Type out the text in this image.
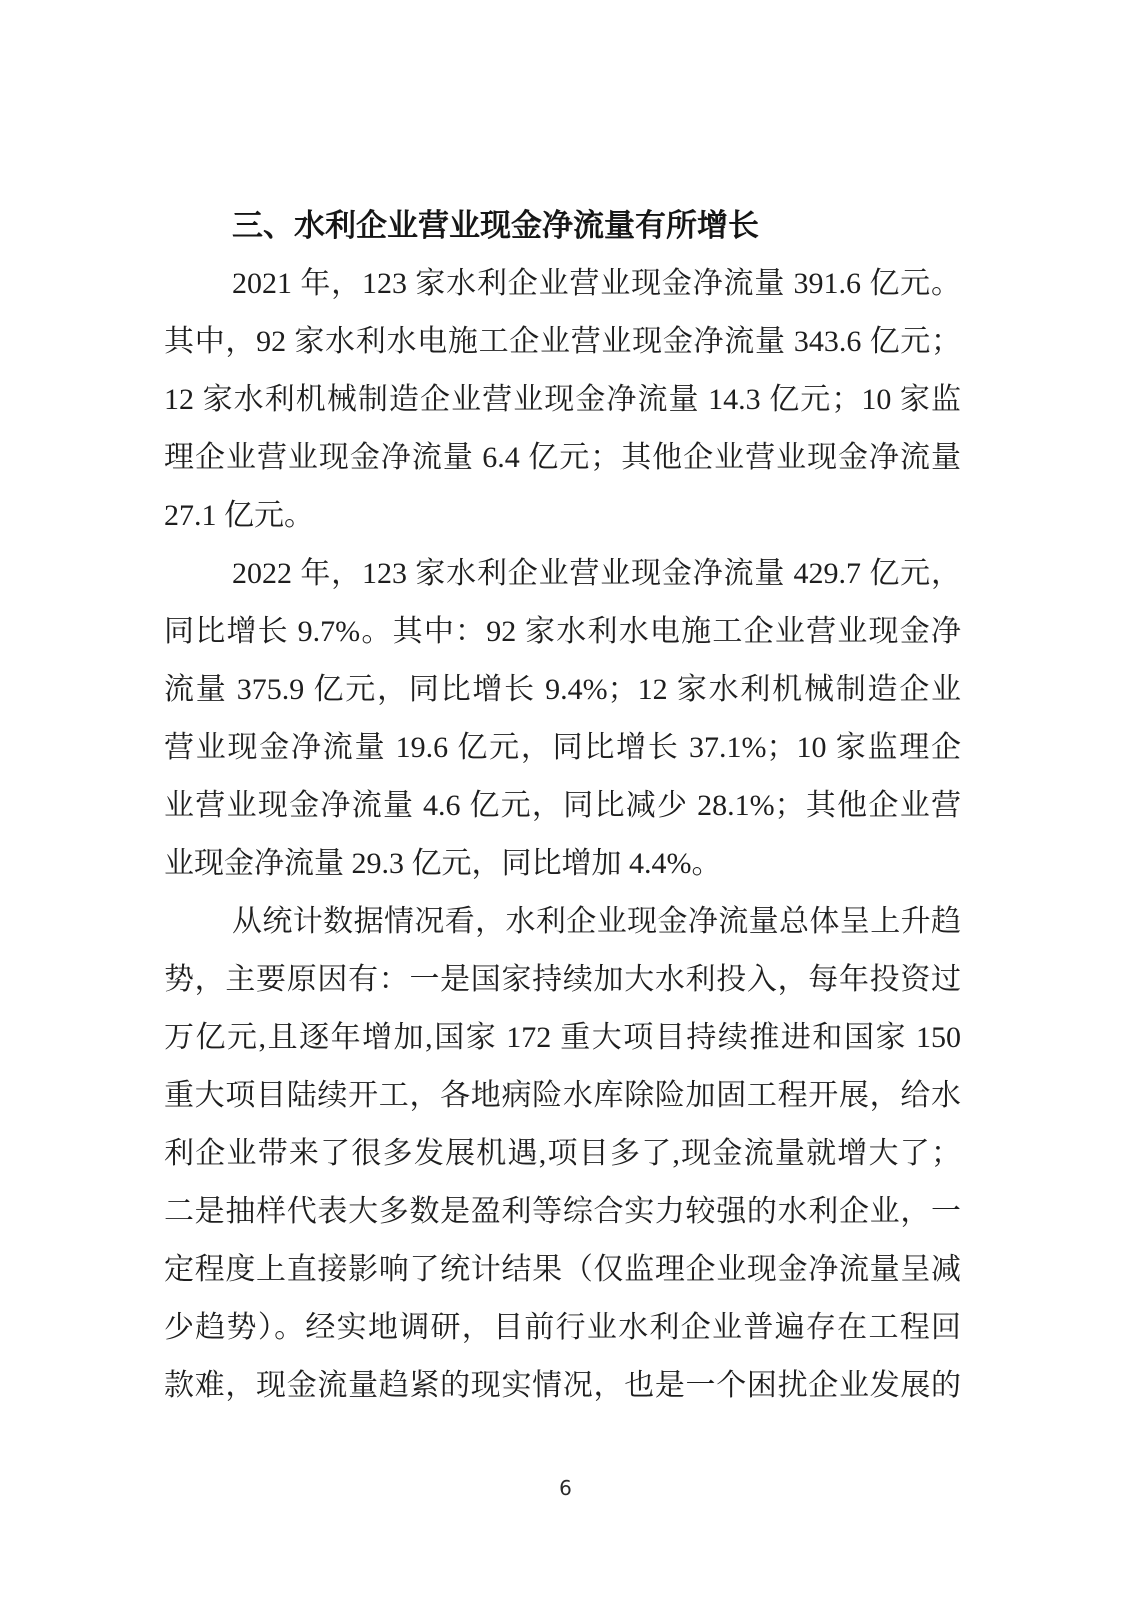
三、水利企业营业现金净流量有所增长
2021 年，123 家水利企业营业现金净流量 391.6 亿元。
其中，92 家水利水电施工企业营业现金净流量 343.6 亿元；
12 家水利机械制造企业营业现金净流量 14.3 亿元；10 家监
理企业营业现金净流量 6.4 亿元；其他企业营业现金净流量
27.1 亿元。
2022 年，123 家水利企业营业现金净流量 429.7 亿元，
同比增长 9.7%。其中：92 家水利水电施工企业营业现金净
流量 375.9 亿元，同比增长 9.4%；12 家水利机械制造企业
营业现金净流量 19.6 亿元，同比增长 37.1%；10 家监理企
业营业现金净流量 4.6 亿元，同比减少 28.1%；其他企业营
业现金净流量 29.3 亿元，同比增加 4.4%。
从统计数据情况看，水利企业现金净流量总体呈上升趋
势，主要原因有：一是国家持续加大水利投入，每年投资过
万亿元,且逐年增加,国家 172 重大项目持续推进和国家 150
重大项目陆续开工，各地病险水库除险加固工程开展，给水
利企业带来了很多发展机遇,项目多了,现金流量就增大了；
二是抽样代表大多数是盈利等综合实力较强的水利企业，一
定程度上直接影响了统计结果（仅监理企业现金净流量呈减
少趋势）。经实地调研，目前行业水利企业普遍存在工程回
款难，现金流量趋紧的现实情况，也是一个困扰企业发展的
6
